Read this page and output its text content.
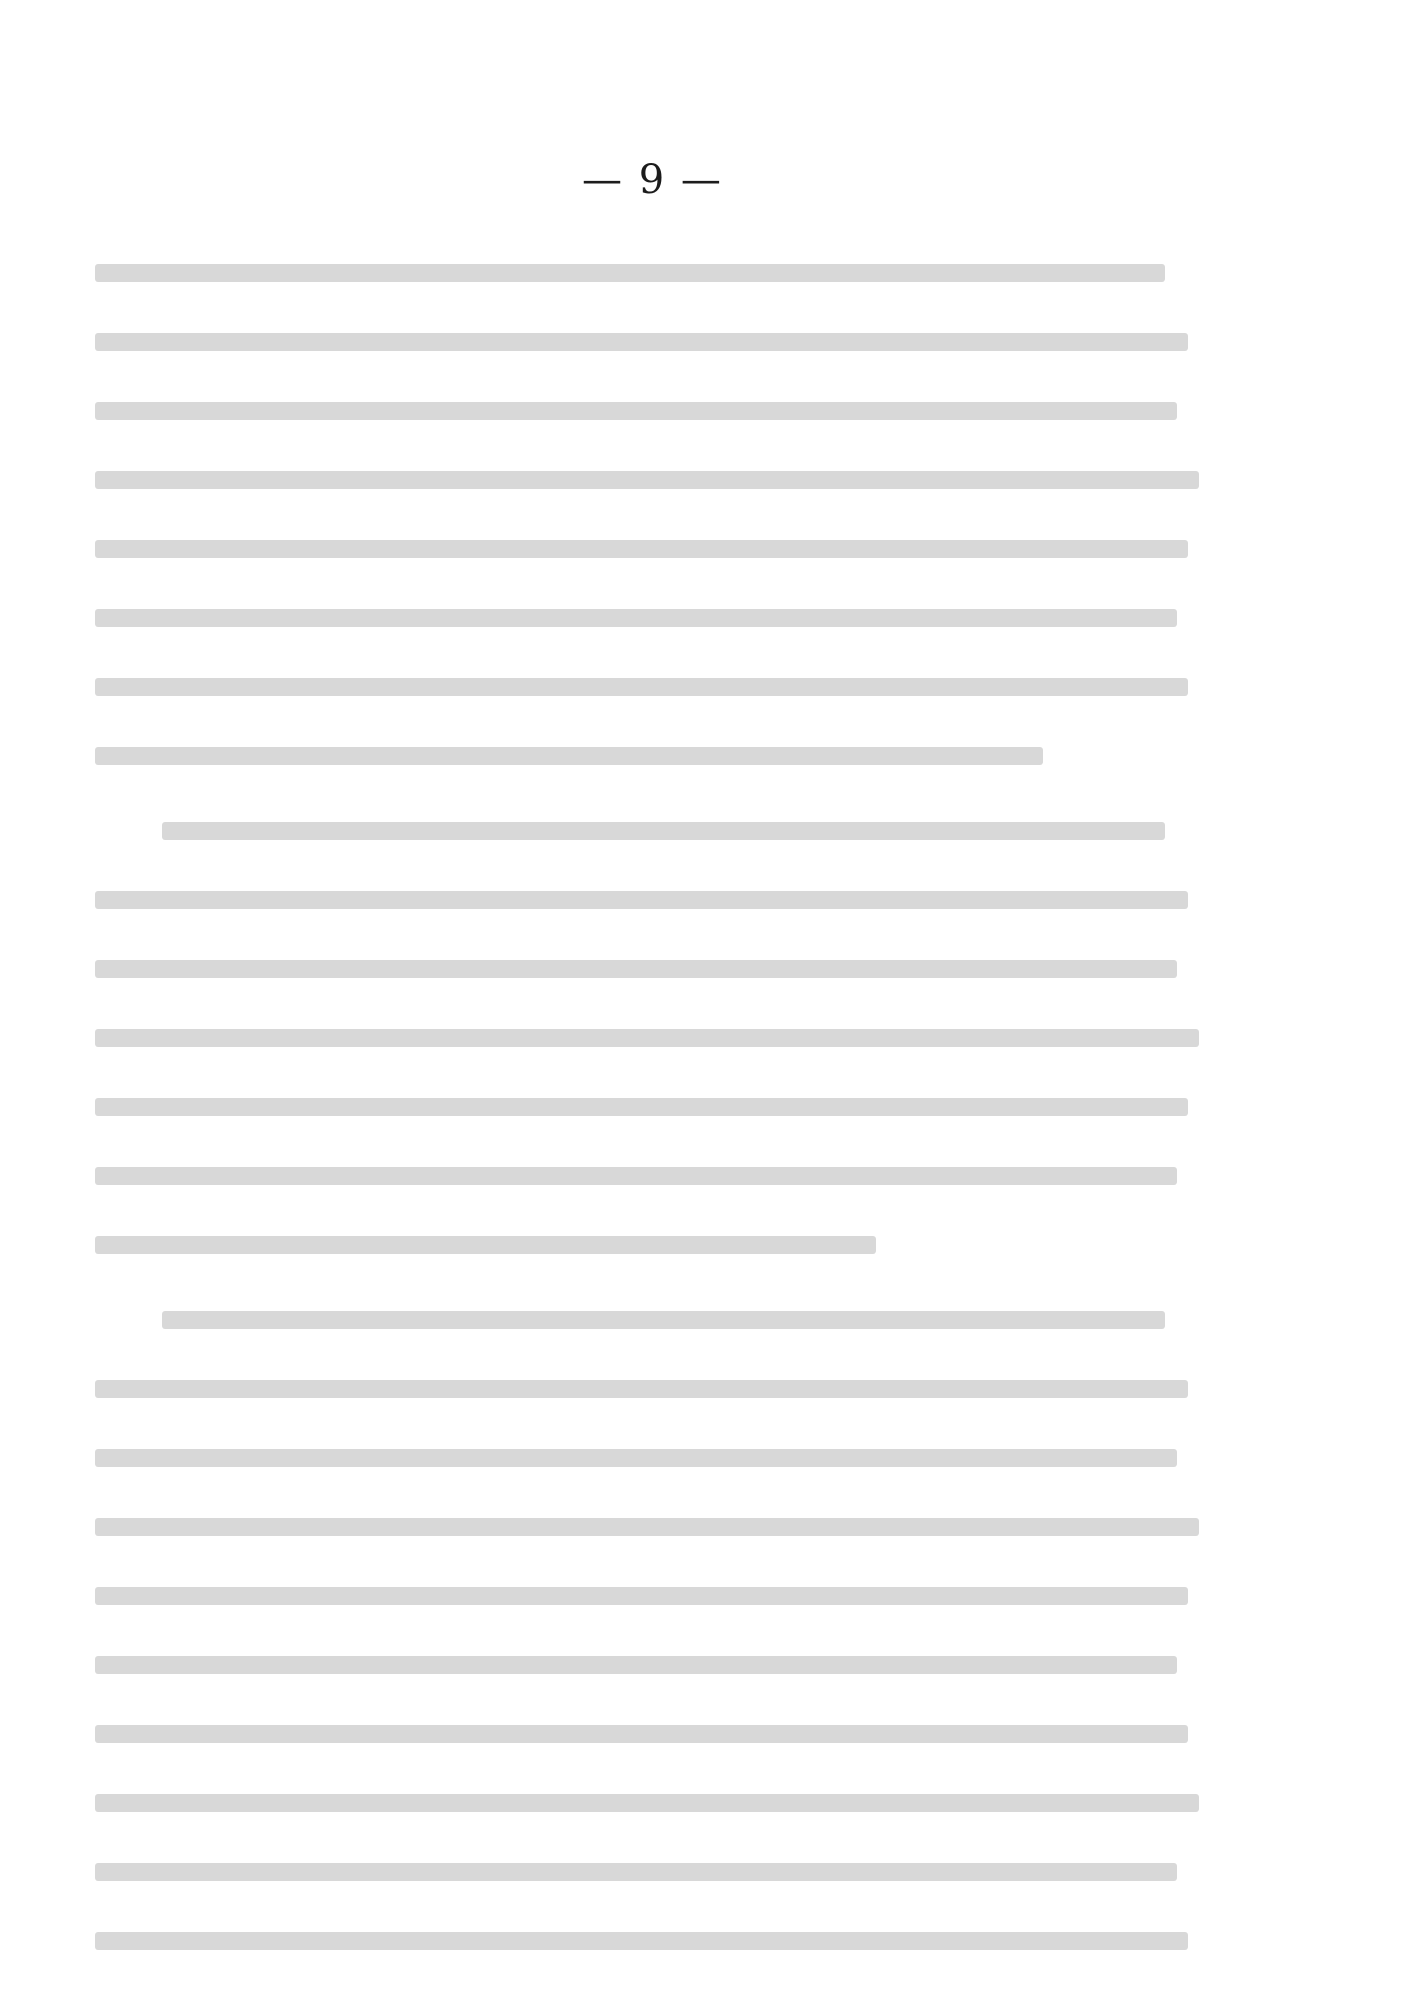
— 9 —
